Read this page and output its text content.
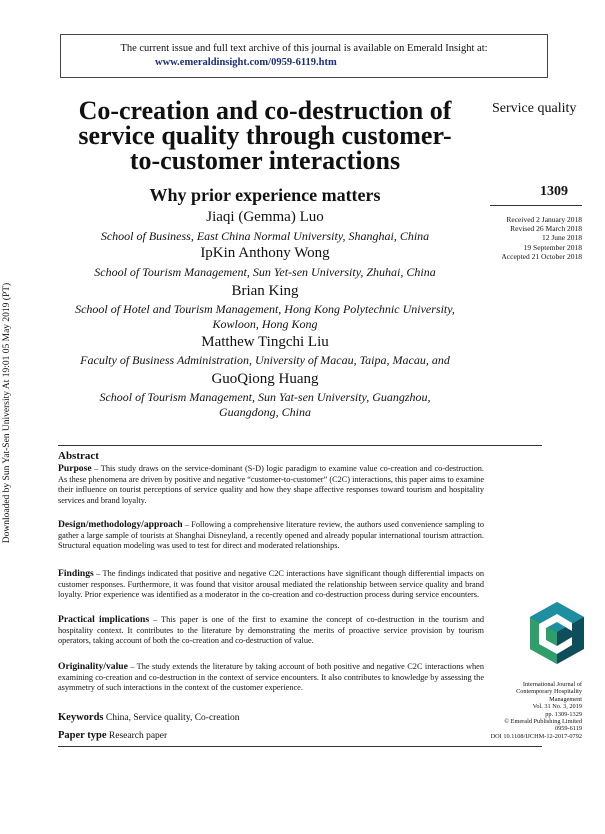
The current issue and full text archive of this journal is available on Emerald Insight at:
www.emeraldinsight.com/0959-6119.htm
Downloaded by Sun Yat-Sen University At 19:01 05 May 2019 (PT)
Service quality
1309
Received 2 January 2018
Revised 26 March 2018
12 June 2018
19 September 2018
Accepted 21 October 2018
Co-creation and co-destruction of
service quality through customer-
to-customer interactions
Why prior experience matters
Jiaqi (Gemma) Luo
School of Business, East China Normal University, Shanghai, China
IpKin Anthony Wong
School of Tourism Management, Sun Yet-sen University, Zhuhai, China
Brian King
School of Hotel and Tourism Management, Hong Kong Polytechnic University,
Kowloon, Hong Kong
Matthew Tingchi Liu
Faculty of Business Administration, University of Macau, Taipa, Macau, and
GuoQiong Huang
School of Tourism Management, Sun Yat-sen University, Guangzhou,
Guangdong, China
Abstract
Purpose – This study draws on the service-dominant (S-D) logic paradigm to examine value co-creation and co-destruction. As these phenomena are driven by positive and negative “customer-to-customer” (C2C) interactions, this paper aims to examine their influence on tourist perceptions of service quality and how they shape affective responses toward tourism and hospitality services and brand loyalty.
Design/methodology/approach – Following a comprehensive literature review, the authors used convenience sampling to gather a large sample of tourists at Shanghai Disneyland, a recently opened and already popular international tourism attraction. Structural equation modeling was used to test for direct and moderated relationships.
Findings – The findings indicated that positive and negative C2C interactions have significant though differential impacts on customer responses. Furthermore, it was found that visitor arousal mediated the relationship between service quality and brand loyalty. Prior experience was identified as a moderator in the co-creation and co-destruction process during service encounters.
Practical implications – This paper is one of the first to examine the concept of co-destruction in the tourism and hospitality context. It contributes to the literature by demonstrating the merits of proactive service provision by tourism operators, taking account of both the co-creation and co-destruction of value.
Originality/value – The study extends the literature by taking account of both positive and negative C2C interactions when examining co-creation and co-destruction in the context of service encounters. It also contributes to knowledge by assessing the asymmetry of such interactions in the context of the customer experience.
Keywords China, Service quality, Co-creation
Paper type Research paper
International Journal of
Contemporary Hospitality
Management
Vol. 31 No. 3, 2019
pp. 1309-1329
© Emerald Publishing Limited
0959-6119
DOI 10.1108/IJCHM-12-2017-0792
